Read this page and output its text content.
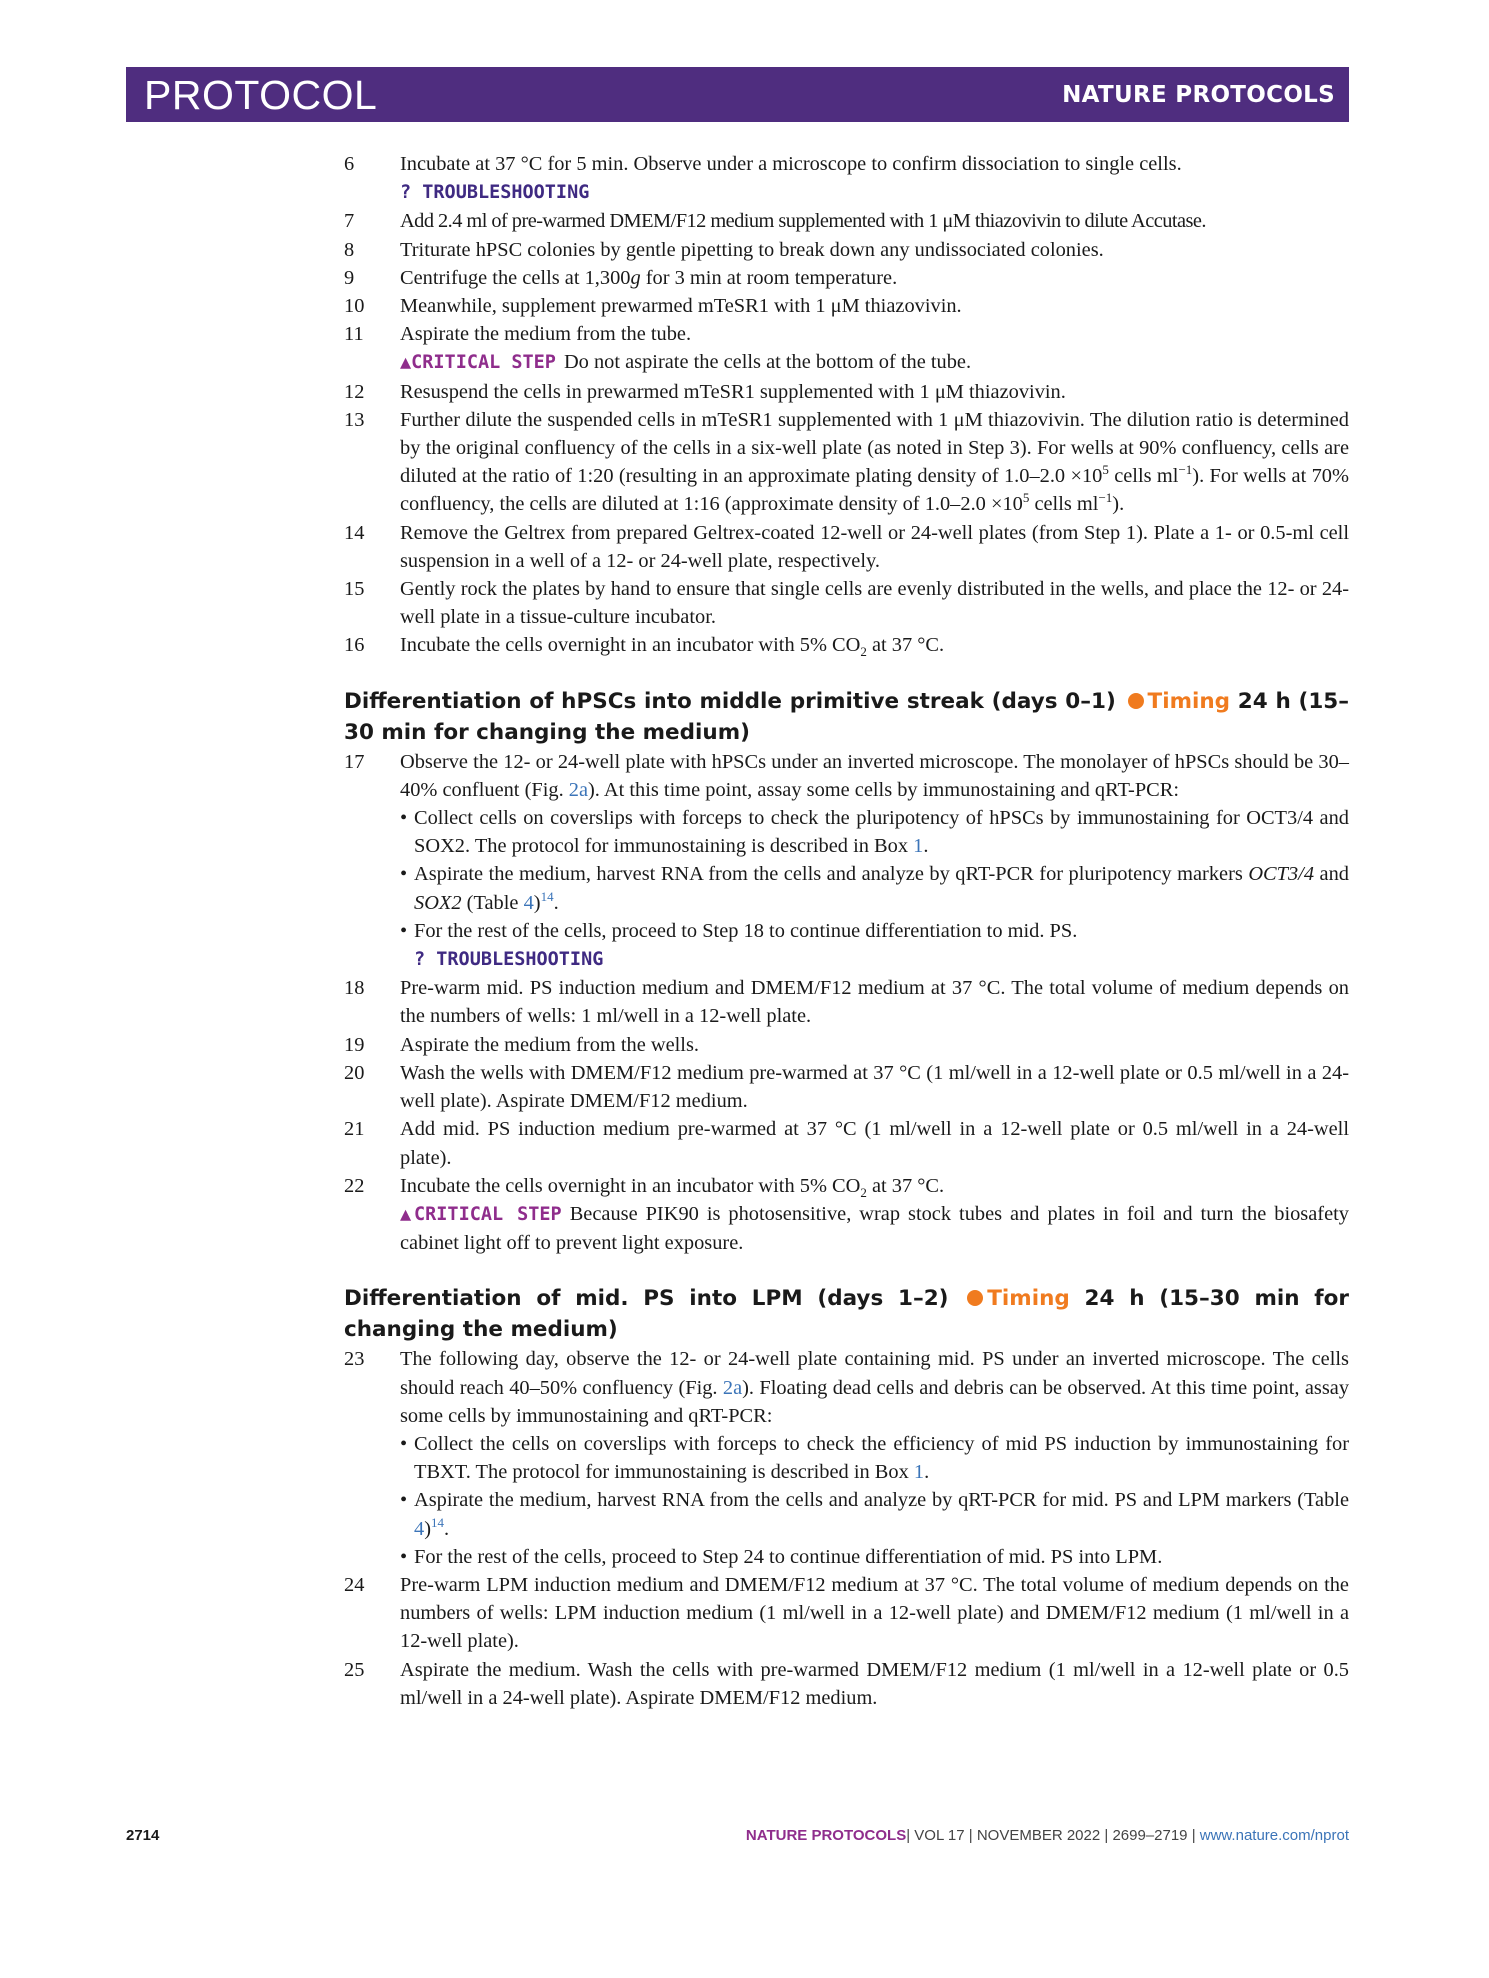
PROTOCOL	NATURE PROTOCOLS
6 Incubate at 37 °C for 5 min. Observe under a microscope to confirm dissociation to single cells.
? TROUBLESHOOTING
7 Add 2.4 ml of pre-warmed DMEM/F12 medium supplemented with 1 μM thiazovivin to dilute Accutase.
8 Triturate hPSC colonies by gentle pipetting to break down any undissociated colonies.
9 Centrifuge the cells at 1,300g for 3 min at room temperature.
10 Meanwhile, supplement prewarmed mTeSR1 with 1 μM thiazovivin.
11 Aspirate the medium from the tube.
▲CRITICAL STEP Do not aspirate the cells at the bottom of the tube.
12 Resuspend the cells in prewarmed mTeSR1 supplemented with 1 μM thiazovivin.
13 Further dilute the suspended cells in mTeSR1 supplemented with 1 μM thiazovivin. The dilution ratio is determined by the original confluency of the cells in a six-well plate (as noted in Step 3). For wells at 90% confluency, cells are diluted at the ratio of 1:20 (resulting in an approximate plating density of $1.0-2.0 \times 10^5$ cells $ml^{-1}$). For wells at 70% confluency, the cells are diluted at 1:16 (approximate density of $1.0-2.0 \times 10^5$ cells $ml^{-1}$).
14 Remove the Geltrex from prepared Geltrex-coated 12-well or 24-well plates (from Step 1). Plate a 1- or 0.5-ml cell suspension in a well of a 12- or 24-well plate, respectively.
15 Gently rock the plates by hand to ensure that single cells are evenly distributed in the wells, and place the 12- or 24-well plate in a tissue-culture incubator.
16 Incubate the cells overnight in an incubator with 5% $CO_2$ at 37 °C.
Differentiation of hPSCs into middle primitive streak (days 0–1) Timing 24 h (15–30 min for changing the medium)
17 Observe the 12- or 24-well plate with hPSCs under an inverted microscope. The monolayer of hPSCs should be 30–40% confluent (Fig. 2a). At this time point, assay some cells by immunostaining and qRT-PCR:
• Collect cells on coverslips with forceps to check the pluripotency of hPSCs by immunostaining for OCT3/4 and SOX2. The protocol for immunostaining is described in Box 1.
• Aspirate the medium, harvest RNA from the cells and analyze by qRT-PCR for pluripotency markers OCT3/4 and SOX2 (Table 4)$^{14}$.
• For the rest of the cells, proceed to Step 18 to continue differentiation to mid. PS.
? TROUBLESHOOTING
18 Pre-warm mid. PS induction medium and DMEM/F12 medium at 37 °C. The total volume of medium depends on the numbers of wells: 1 ml/well in a 12-well plate.
19 Aspirate the medium from the wells.
20 Wash the wells with DMEM/F12 medium pre-warmed at 37 °C (1 ml/well in a 12-well plate or 0.5 ml/well in a 24-well plate). Aspirate DMEM/F12 medium.
21 Add mid. PS induction medium pre-warmed at 37 °C (1 ml/well in a 12-well plate or 0.5 ml/well in a 24-well plate).
22 Incubate the cells overnight in an incubator with 5% $CO_2$ at 37 °C.
▲CRITICAL STEP Because PIK90 is photosensitive, wrap stock tubes and plates in foil and turn the biosafety cabinet light off to prevent light exposure.
Differentiation of mid. PS into LPM (days 1–2) Timing 24 h (15–30 min for changing the medium)
23 The following day, observe the 12- or 24-well plate containing mid. PS under an inverted microscope. The cells should reach 40–50% confluency (Fig. 2a). Floating dead cells and debris can be observed. At this time point, assay some cells by immunostaining and qRT-PCR:
• Collect the cells on coverslips with forceps to check the efficiency of mid PS induction by immunostaining for TBXT. The protocol for immunostaining is described in Box 1.
• Aspirate the medium, harvest RNA from the cells and analyze by qRT-PCR for mid. PS and LPM markers (Table 4)$^{14}$.
• For the rest of the cells, proceed to Step 24 to continue differentiation of mid. PS into LPM.
24 Pre-warm LPM induction medium and DMEM/F12 medium at 37 °C. The total volume of medium depends on the numbers of wells: LPM induction medium (1 ml/well in a 12-well plate) and DMEM/F12 medium (1 ml/well in a 12-well plate).
25 Aspirate the medium. Wash the cells with pre-warmed DMEM/F12 medium (1 ml/well in a 12-well plate or 0.5 ml/well in a 24-well plate). Aspirate DMEM/F12 medium.
2714	NATURE PROTOCOLS| VOL 17 | NOVEMBER 2022 | 2699–2719 | www.nature.com/nprot
